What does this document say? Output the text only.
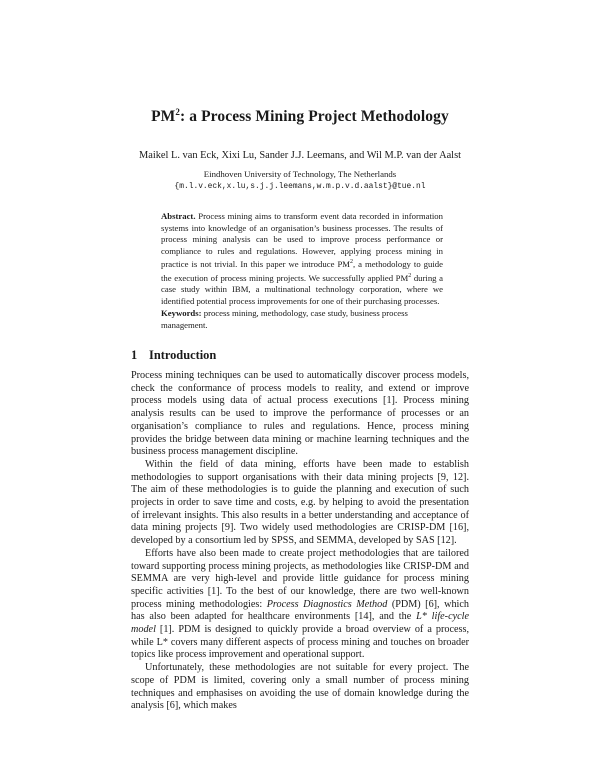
$PM^2$: a Process Mining Project Methodology
Maikel L. van Eck, Xixi Lu, Sander J.J. Leemans, and Wil M.P. van der Aalst
Eindhoven University of Technology, The Netherlands
{m.l.v.eck,x.lu,s.j.j.leemans,w.m.p.v.d.aalst}@tue.nl
Abstract. Process mining aims to transform event data recorded in information systems into knowledge of an organisation’s business processes. The results of process mining analysis can be used to improve process performance or compliance to rules and regulations. However, applying process mining in practice is not trivial. In this paper we introduce $PM^2$, a methodology to guide the execution of process mining projects. We successfully applied $PM^2$ during a case study within IBM, a multinational technology corporation, where we identified potential process improvements for one of their purchasing processes.
Keywords: process mining, methodology, case study, business process management.
1 Introduction

Process mining techniques can be used to automatically discover process models, check the conformance of process models to reality, and extend or improve process models using data of actual process executions [1]. Process mining analysis results can be used to improve the performance of processes or an organisation’s compliance to rules and regulations. Hence, process mining provides the bridge between data mining or machine learning techniques and the business process management discipline.

Within the field of data mining, efforts have been made to establish methodologies to support organisations with their data mining projects [9, 12]. The aim of these methodologies is to guide the planning and execution of such projects in order to save time and costs, e.g. by helping to avoid the presentation of irrelevant insights. This also results in a better understanding and acceptance of data mining projects [9]. Two widely used methodologies are CRISP-DM [16], developed by a consortium led by SPSS, and SEMMA, developed by SAS [12].

Efforts have also been made to create project methodologies that are tailored toward supporting process mining projects, as methodologies like CRISP-DM and SEMMA are very high-level and provide little guidance for process mining specific activities [1]. To the best of our knowledge, there are two well-known process mining methodologies: Process Diagnostics Method (PDM) [6], which has also been adapted for healthcare environments [14], and the L* life-cycle model [1]. PDM is designed to quickly provide a broad overview of a process, while L* covers many different aspects of process mining and touches on broader topics like process improvement and operational support.

Unfortunately, these methodologies are not suitable for every project. The scope of PDM is limited, covering only a small number of process mining techniques and emphasises on avoiding the use of domain knowledge during the analysis [6], which makes
